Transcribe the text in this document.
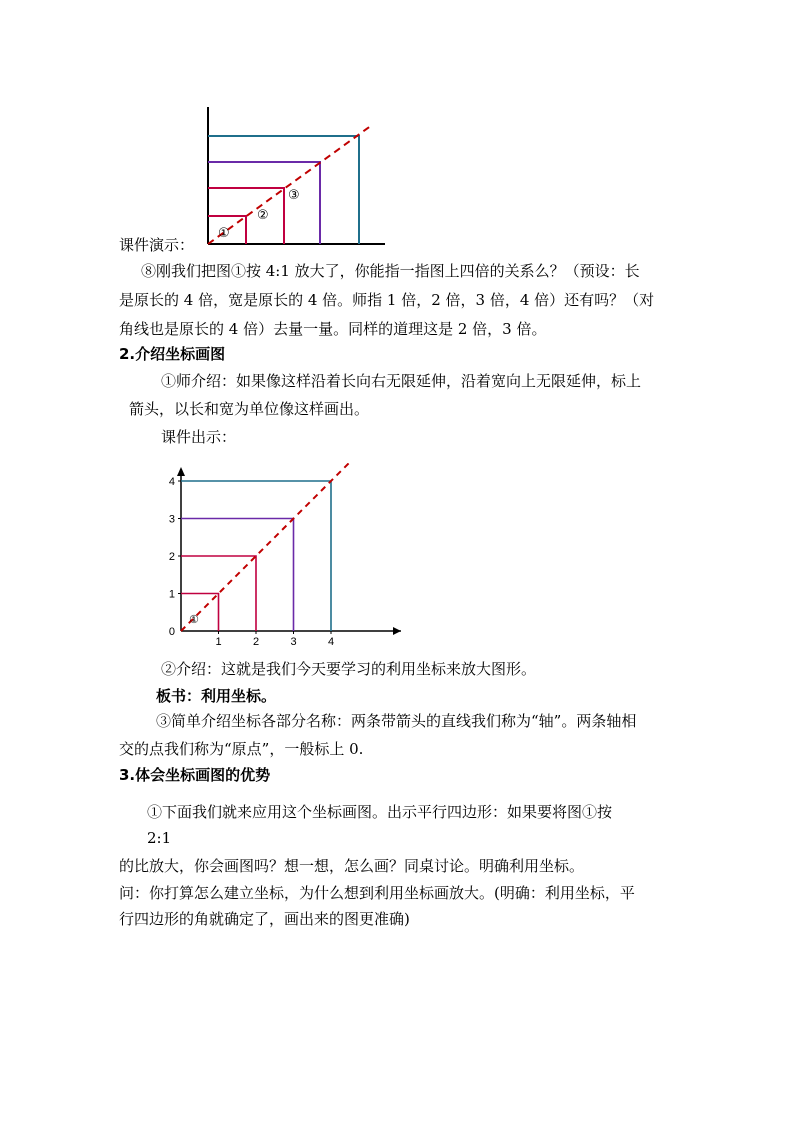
①
②
③
课件演示：
⑧刚我们把图①按 4:1 放大了，你能指一指图上四倍的关系么？（预设：长
是原长的 4 倍，宽是原长的 4 倍。师指 1 倍，2 倍，3 倍，4 倍）还有吗？（对
角线也是原长的 4 倍）去量一量。同样的道理这是 2 倍，3 倍。
2.介绍坐标画图
①师介绍：如果像这样沿着长向右无限延伸，沿着宽向上无限延伸，标上
箭头，以长和宽为单位像这样画出。
课件出示：
1	2	3	4
1
2
3
4
0
①
②介绍：这就是我们今天要学习的利用坐标来放大图形。
板书：利用坐标。
③简单介绍坐标各部分名称：两条带箭头的直线我们称为“轴”。两条轴相
交的点我们称为“原点”，一般标上 0.
3.体会坐标画图的优势
①下面我们就来应用这个坐标画图。出示平行四边形：如果要将图①按
2:1
的比放大，你会画图吗？想一想，怎么画？同桌讨论。明确利用坐标。
问：你打算怎么建立坐标，为什么想到利用坐标画放大。(明确：利用坐标，平
行四边形的角就确定了，画出来的图更准确)
